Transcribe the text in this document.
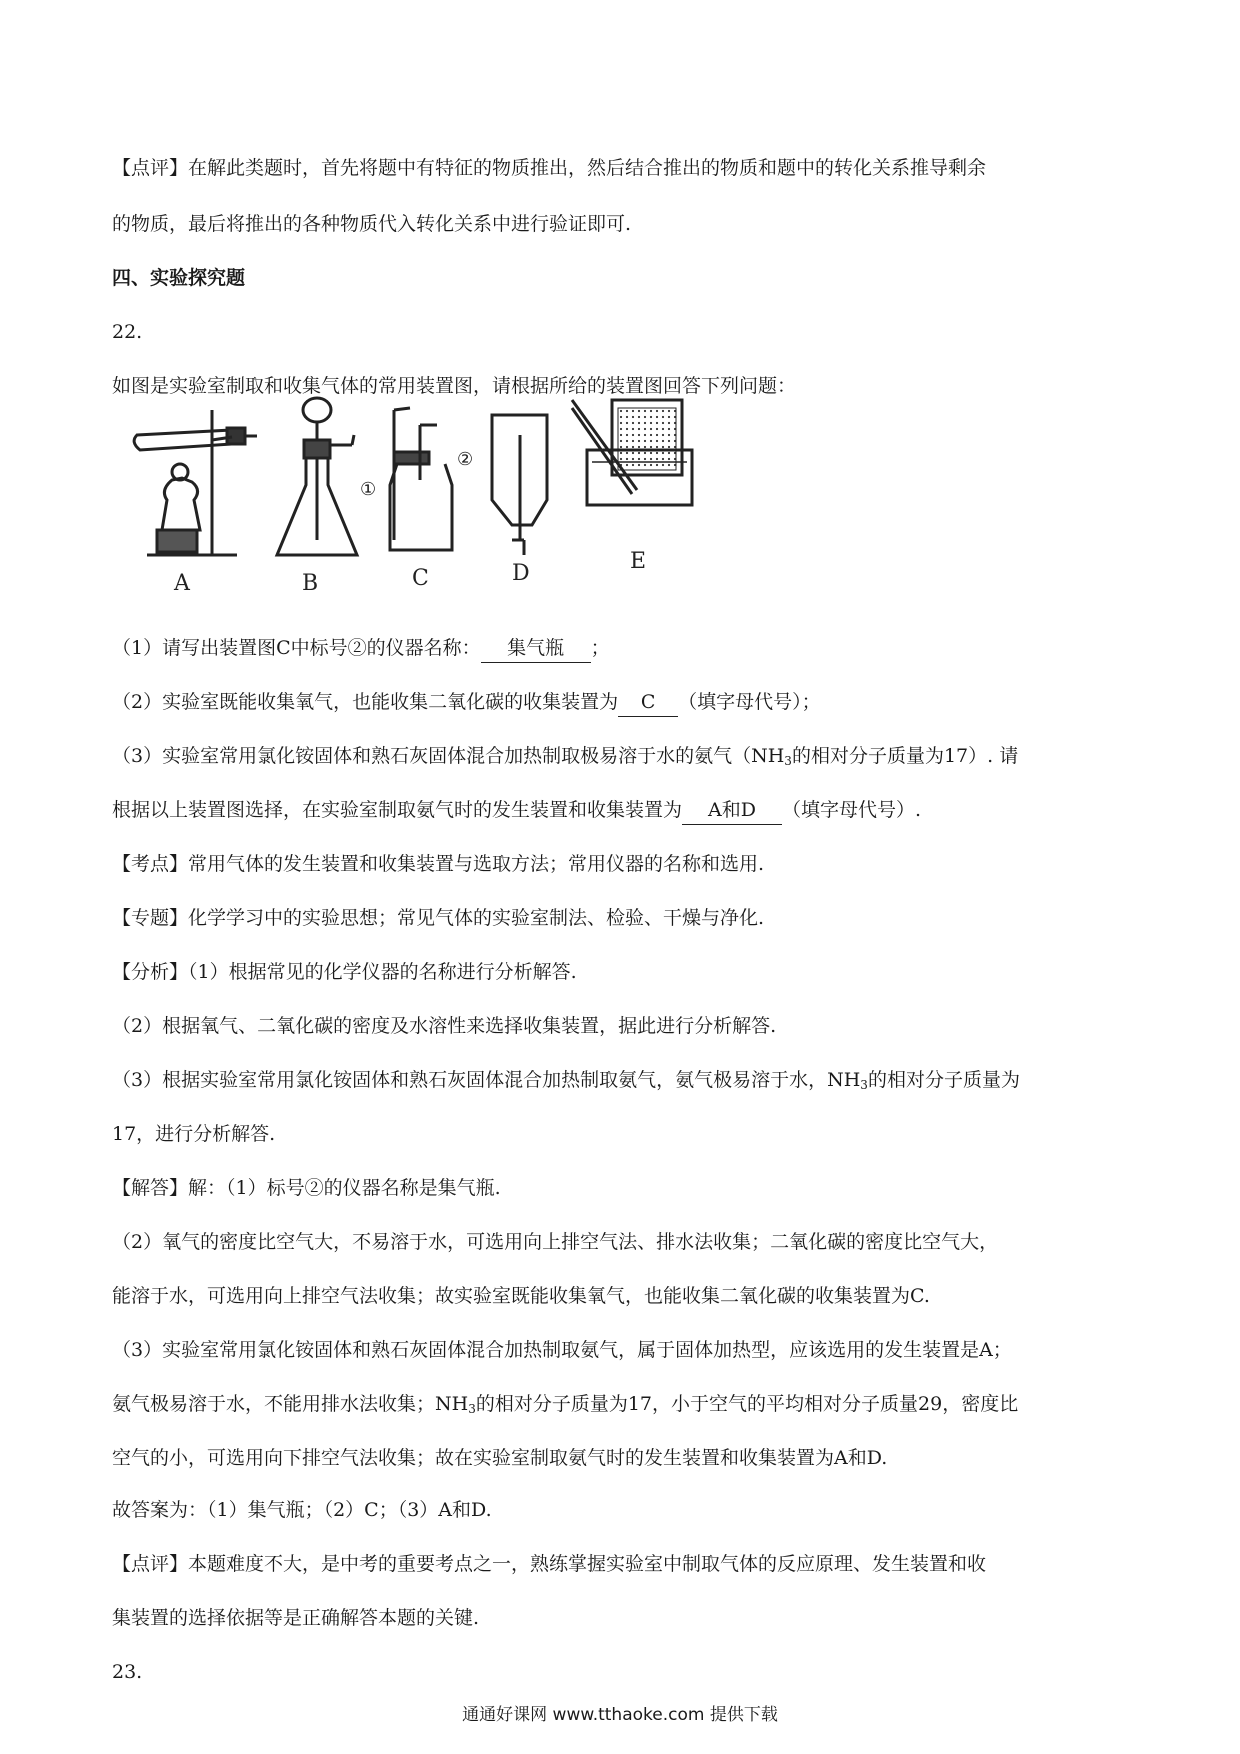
【点评】在解此类题时，首先将题中有特征的物质推出，然后结合推出的物质和题中的转化关系推导剩余
的物质，最后将推出的各种物质代入转化关系中进行验证即可.
四、实验探究题
22.
如图是实验室制取和收集气体的常用装置图，请根据所给的装置图回答下列问题：
A	B	C	D	E
①
②
（1）请写出装置图C中标号②的仪器名称： 集气瓶 ；
（2）实验室既能收集氧气，也能收集二氧化碳的收集装置为 C （填字母代号）；
（3）实验室常用氯化铵固体和熟石灰固体混合加热制取极易溶于水的氨气（$NH_3$的相对分子质量为17）. 请
根据以上装置图选择，在实验室制取氨气时的发生装置和收集装置为 A和D （填字母代号）.
【考点】常用气体的发生装置和收集装置与选取方法；常用仪器的名称和选用.
【专题】化学学习中的实验思想；常见气体的实验室制法、检验、干燥与净化.
【分析】（1）根据常见的化学仪器的名称进行分析解答.
（2）根据氧气、二氧化碳的密度及水溶性来选择收集装置，据此进行分析解答.
（3）根据实验室常用氯化铵固体和熟石灰固体混合加热制取氨气，氨气极易溶于水，$NH_3$的相对分子质量为
17，进行分析解答.
【解答】解：（1）标号②的仪器名称是集气瓶.
（2）氧气的密度比空气大，不易溶于水，可选用向上排空气法、排水法收集；二氧化碳的密度比空气大，
能溶于水，可选用向上排空气法收集；故实验室既能收集氧气，也能收集二氧化碳的收集装置为C.
（3）实验室常用氯化铵固体和熟石灰固体混合加热制取氨气，属于固体加热型，应该选用的发生装置是A；
氨气极易溶于水，不能用排水法收集；$NH_3$的相对分子质量为17，小于空气的平均相对分子质量29，密度比
空气的小，可选用向下排空气法收集；故在实验室制取氨气时的发生装置和收集装置为A和D.
故答案为：（1）集气瓶；（2）C；（3）A和D.
【点评】本题难度不大，是中考的重要考点之一，熟练掌握实验室中制取气体的反应原理、发生装置和收
集装置的选择依据等是正确解答本题的关键.
通通好课网 www.tthaoke.com 提供下载
23.
